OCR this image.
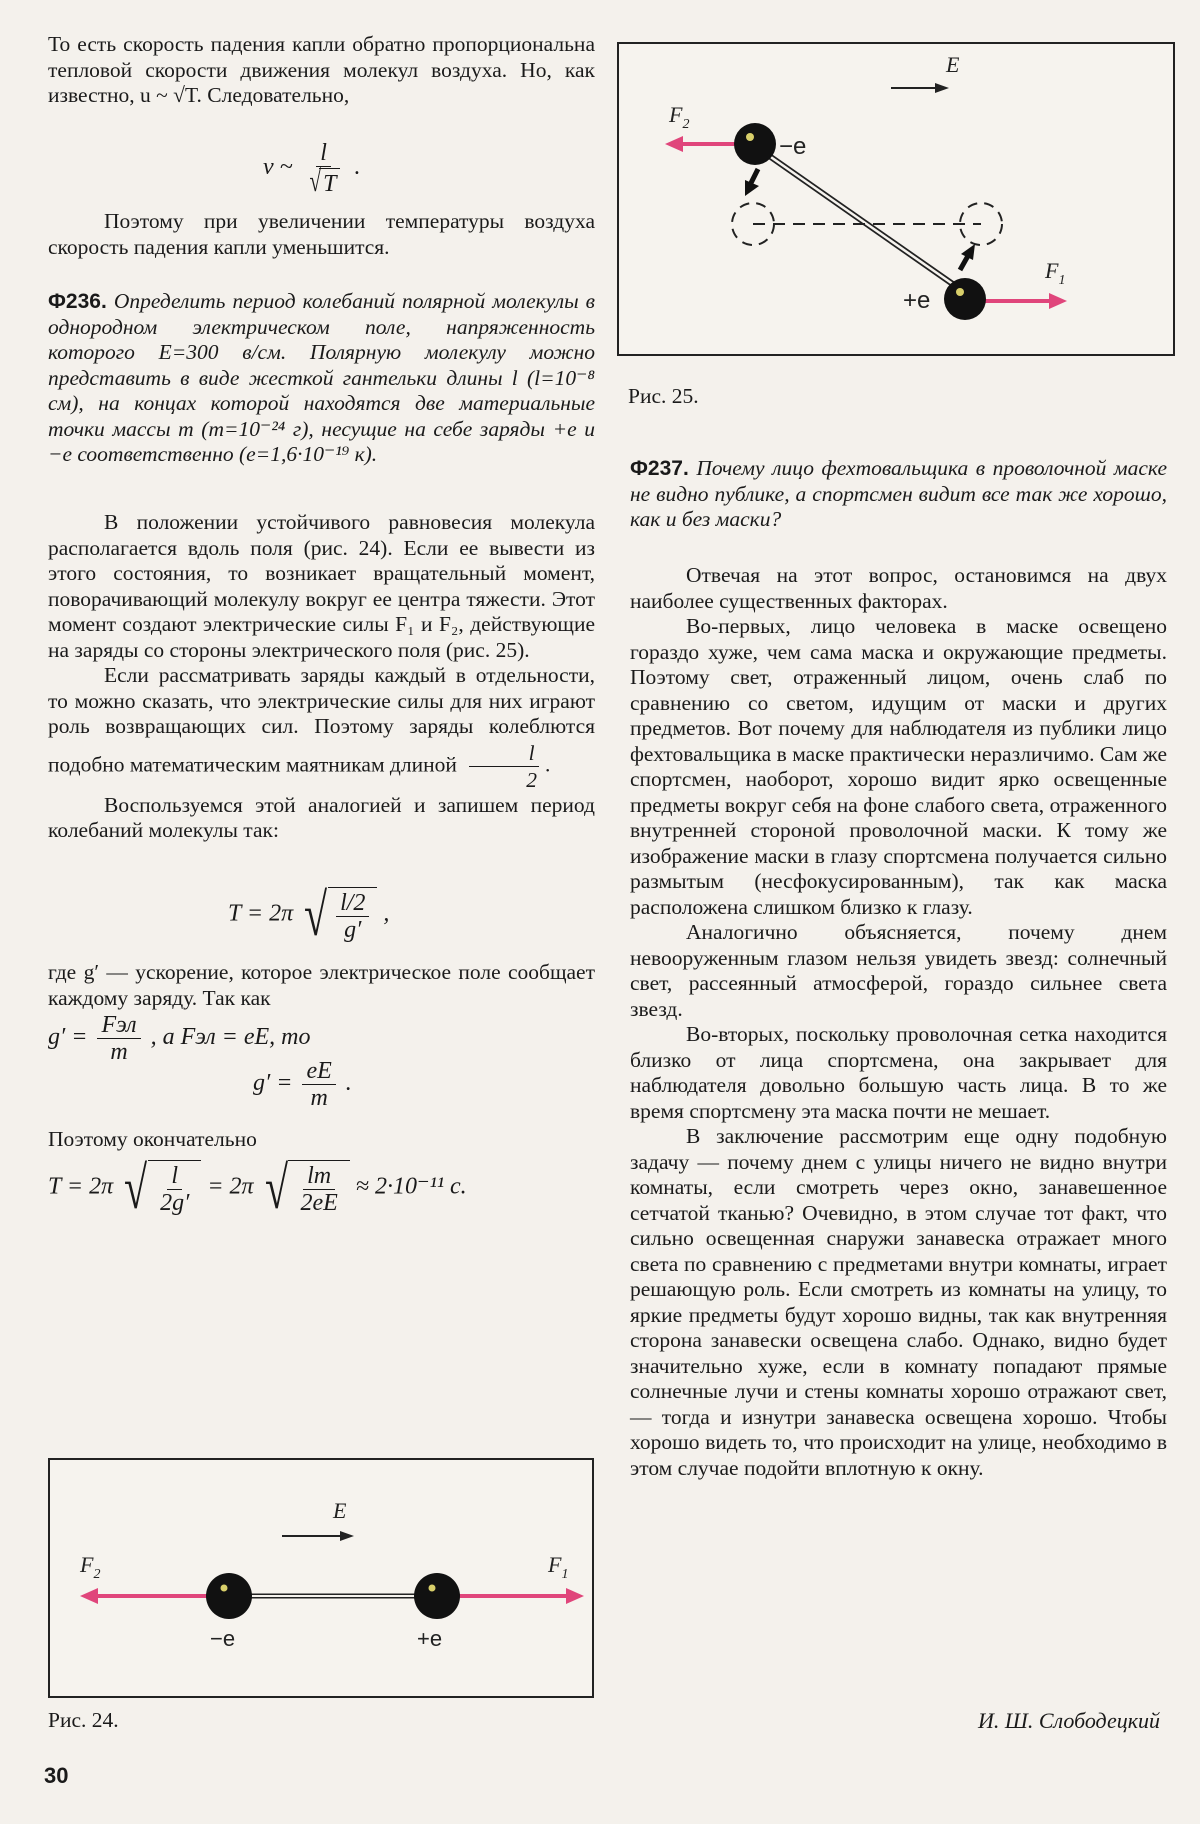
То есть скорость падения капли обратно пропорциональна тепловой скорости движения молекул воздуха. Но, как известно, u ~ √T. Следовательно,

v ~ $\frac{l}{√ T}$ .

Поэтому при увеличении температуры воздуха скорость падения капли уменьшится.

Ф236. Определить период колебаний полярной молекулы в однородном электрическом поле, напряженность которого E=300 в/см. Полярную молекулу можно представить в виде жесткой гантельки длины l (l=10⁻⁸ см), на концах которой находятся две материальные точки массы m (m=10⁻²⁴ г), несущие на себе заряды +e и −e соответственно (e=1,6·10⁻¹⁹ к).

В положении устойчивого равновесия молекула располагается вдоль поля (рис. 24). Если ее вывести из этого состояния, то возникает вращательный момент, поворачивающий молекулу вокруг ее центра тяжести. Этот момент создают электрические силы F₁ и F₂, действующие на заряды со стороны электрического поля (рис. 25).

Если рассматривать заряды каждый в отдельности, то можно сказать, что электрические силы для них играют роль возвращающих сил. Поэтому заряды колеблются подобно математическим маятникам длиной $\frac{l}{2}$ .

Воспользуемся этой аналогией и запишем период колебаний молекулы так:

T = 2π √ $\frac{l/2}{g'}$ ,

где g′ — ускорение, которое электрическое поле сообщает каждому заряду. Так как

$g' = \frac{\text{Fэл}}{m}$ , а Fэл = eE, то
$g' = \frac{eE}{m}$ .

Поэтому окончательно

T = 2π √ $\frac{l}{2g'} = 2\pi$ √ $\frac{lm}{2eE} \approx 2\cdot 10^{-11}$ с.
E
$F_2$	$F_1$
−e	+e
Рис. 24.
E
$F_2$
$F_1$
−e
+e
Рис. 25.

Ф237. Почему лицо фехтовальщика в проволочной маске не видно публике, а спортсмен видит все так же хорошо, как и без маски?

Отвечая на этот вопрос, остановимся на двух наиболее существенных факторах.

Во-первых, лицо человека в маске освещено гораздо хуже, чем сама маска и окружающие предметы. Поэтому свет, отраженный лицом, очень слаб по сравнению со светом, идущим от маски и других предметов. Вот почему для наблюдателя из публики лицо фехтовальщика в маске практически неразличимо. Сам же спортсмен, наоборот, хорошо видит ярко освещенные предметы вокруг себя на фоне слабого света, отраженного внутренней стороной проволочной маски. К тому же изображение маски в глазу спортсмена получается сильно размытым (несфокусированным), так как маска расположена слишком близко к глазу.

Аналогично объясняется, почему днем невооруженным глазом нельзя увидеть звезд: солнечный свет, рассеянный атмосферой, гораздо сильнее света звезд.

Во-вторых, поскольку проволочная сетка находится близко от лица спортсмена, она закрывает для наблюдателя довольно большую часть лица. В то же время спортсмену эта маска почти не мешает.

В заключение рассмотрим еще одну подобную задачу — почему днем с улицы ничего не видно внутри комнаты, если смотреть через окно, занавешенное сетчатой тканью? Очевидно, в этом случае тот факт, что сильно освещенная снаружи занавеска отражает много света по сравнению с предметами внутри комнаты, играет решающую роль. Если смотреть из комнаты на улицу, то яркие предметы будут хорошо видны, так как внутренняя сторона занавески освещена слабо. Однако, видно будет значительно хуже, если в комнату попадают прямые солнечные лучи и стены комнаты хорошо отражают свет,— тогда и изнутри занавеска освещена хорошо. Чтобы хорошо видеть то, что происходит на улице, необходимо в этом случае подойти вплотную к окну.

И. Ш. Слободецкий
30
